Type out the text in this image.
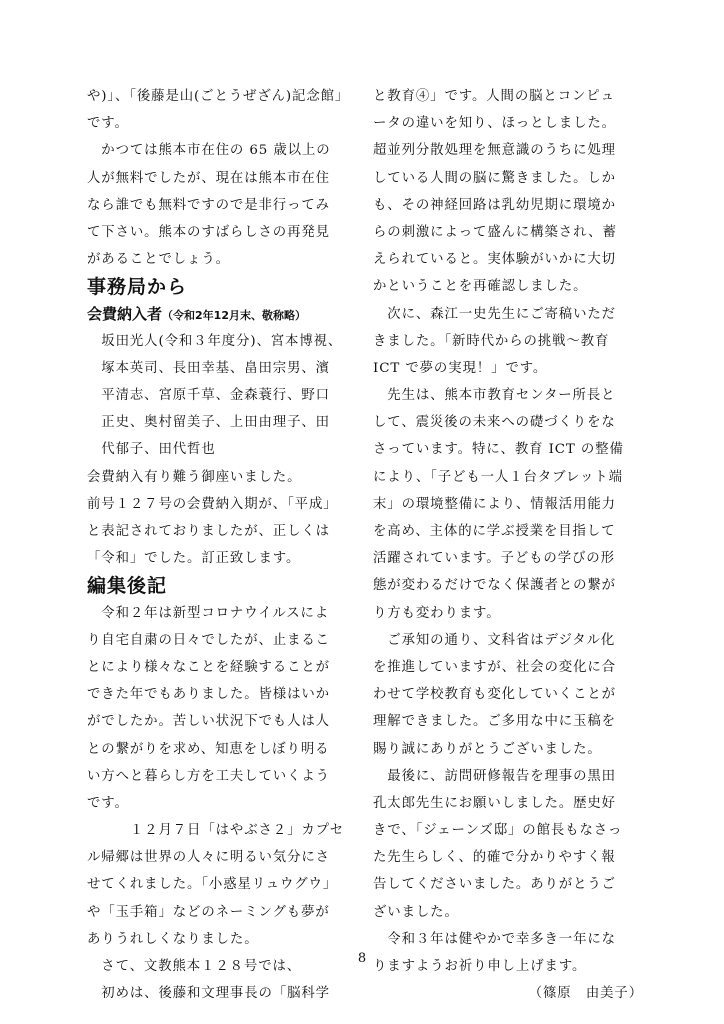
や)」、「後藤是山(ごとうぜざん)記念館」
です。
　かつては熊本市在住の 65 歳以上の
人が無料でしたが、現在は熊本市在住
なら誰でも無料ですので是非行ってみ
て下さい。熊本のすばらしさの再発見
があることでしょう。
事務局から
会費納入者（令和2年12月末、敬称略）
　坂田光人(令和３年度分)、宮本博視、
　塚本英司、長田幸基、畠田宗男、濱
　平清志、宮原千草、金森蓑行、野口
　正史、奥村留美子、上田由理子、田
　代郁子、田代哲也
会費納入有り難う御座いました。
前号１２７号の会費納入期が、「平成」
と表記されておりましたが、正しくは
「令和」でした。訂正致します。
編集後記
　令和２年は新型コロナウイルスによ
り自宅自粛の日々でしたが、止まるこ
とにより様々なことを経験することが
できた年でもありました。皆様はいか
がでしたか。苦しい状況下でも人は人
との繋がりを求め、知恵をしぼり明る
い方へと暮らし方を工夫していくよう
です。
　　　１２月７日「はやぶさ２」カプセ
ル帰郷は世界の人々に明るい気分にさ
せてくれました。「小惑星リュウグウ」
や「玉手箱」などのネーミングも夢が
ありうれしくなりました。
　さて、文教熊本１２８号では、
　初めは、後藤和文理事長の「脳科学
と教育④」です。人間の脳とコンピュ
ータの違いを知り、ほっとしました。
超並列分散処理を無意識のうちに処理
している人間の脳に驚きました。しか
も、その神経回路は乳幼児期に環境か
らの刺激によって盛んに構築され、蓄
えられていると。実体験がいかに大切
かということを再確認しました。
　次に、森江一史先生にご寄稿いただ
きました。「新時代からの挑戦～教育
ICT で夢の実現！」です。
　先生は、熊本市教育センター所長と
して、震災後の未来への礎づくりをな
さっています。特に、教育 ICT の整備
により、「子ども一人１台タブレット端
末」の環境整備により、情報活用能力
を高め、主体的に学ぶ授業を目指して
活躍されています。子どもの学びの形
態が変わるだけでなく保護者との繋が
り方も変わります。
　ご承知の通り、文科省はデジタル化
を推進していますが、社会の変化に合
わせて学校教育も変化していくことが
理解できました。ご多用な中に玉稿を
賜り誠にありがとうございました。
　最後に、訪問研修報告を理事の黒田
孔太郎先生にお願いしました。歴史好
きで、「ジェーンズ邸」の館長もなさっ
た先生らしく、的確で分かりやすく報
告してくださいました。ありがとうご
ざいました。
　令和３年は健やかで幸多き一年にな
りますようお祈り申し上げます。
（篠原　由美子）
8
